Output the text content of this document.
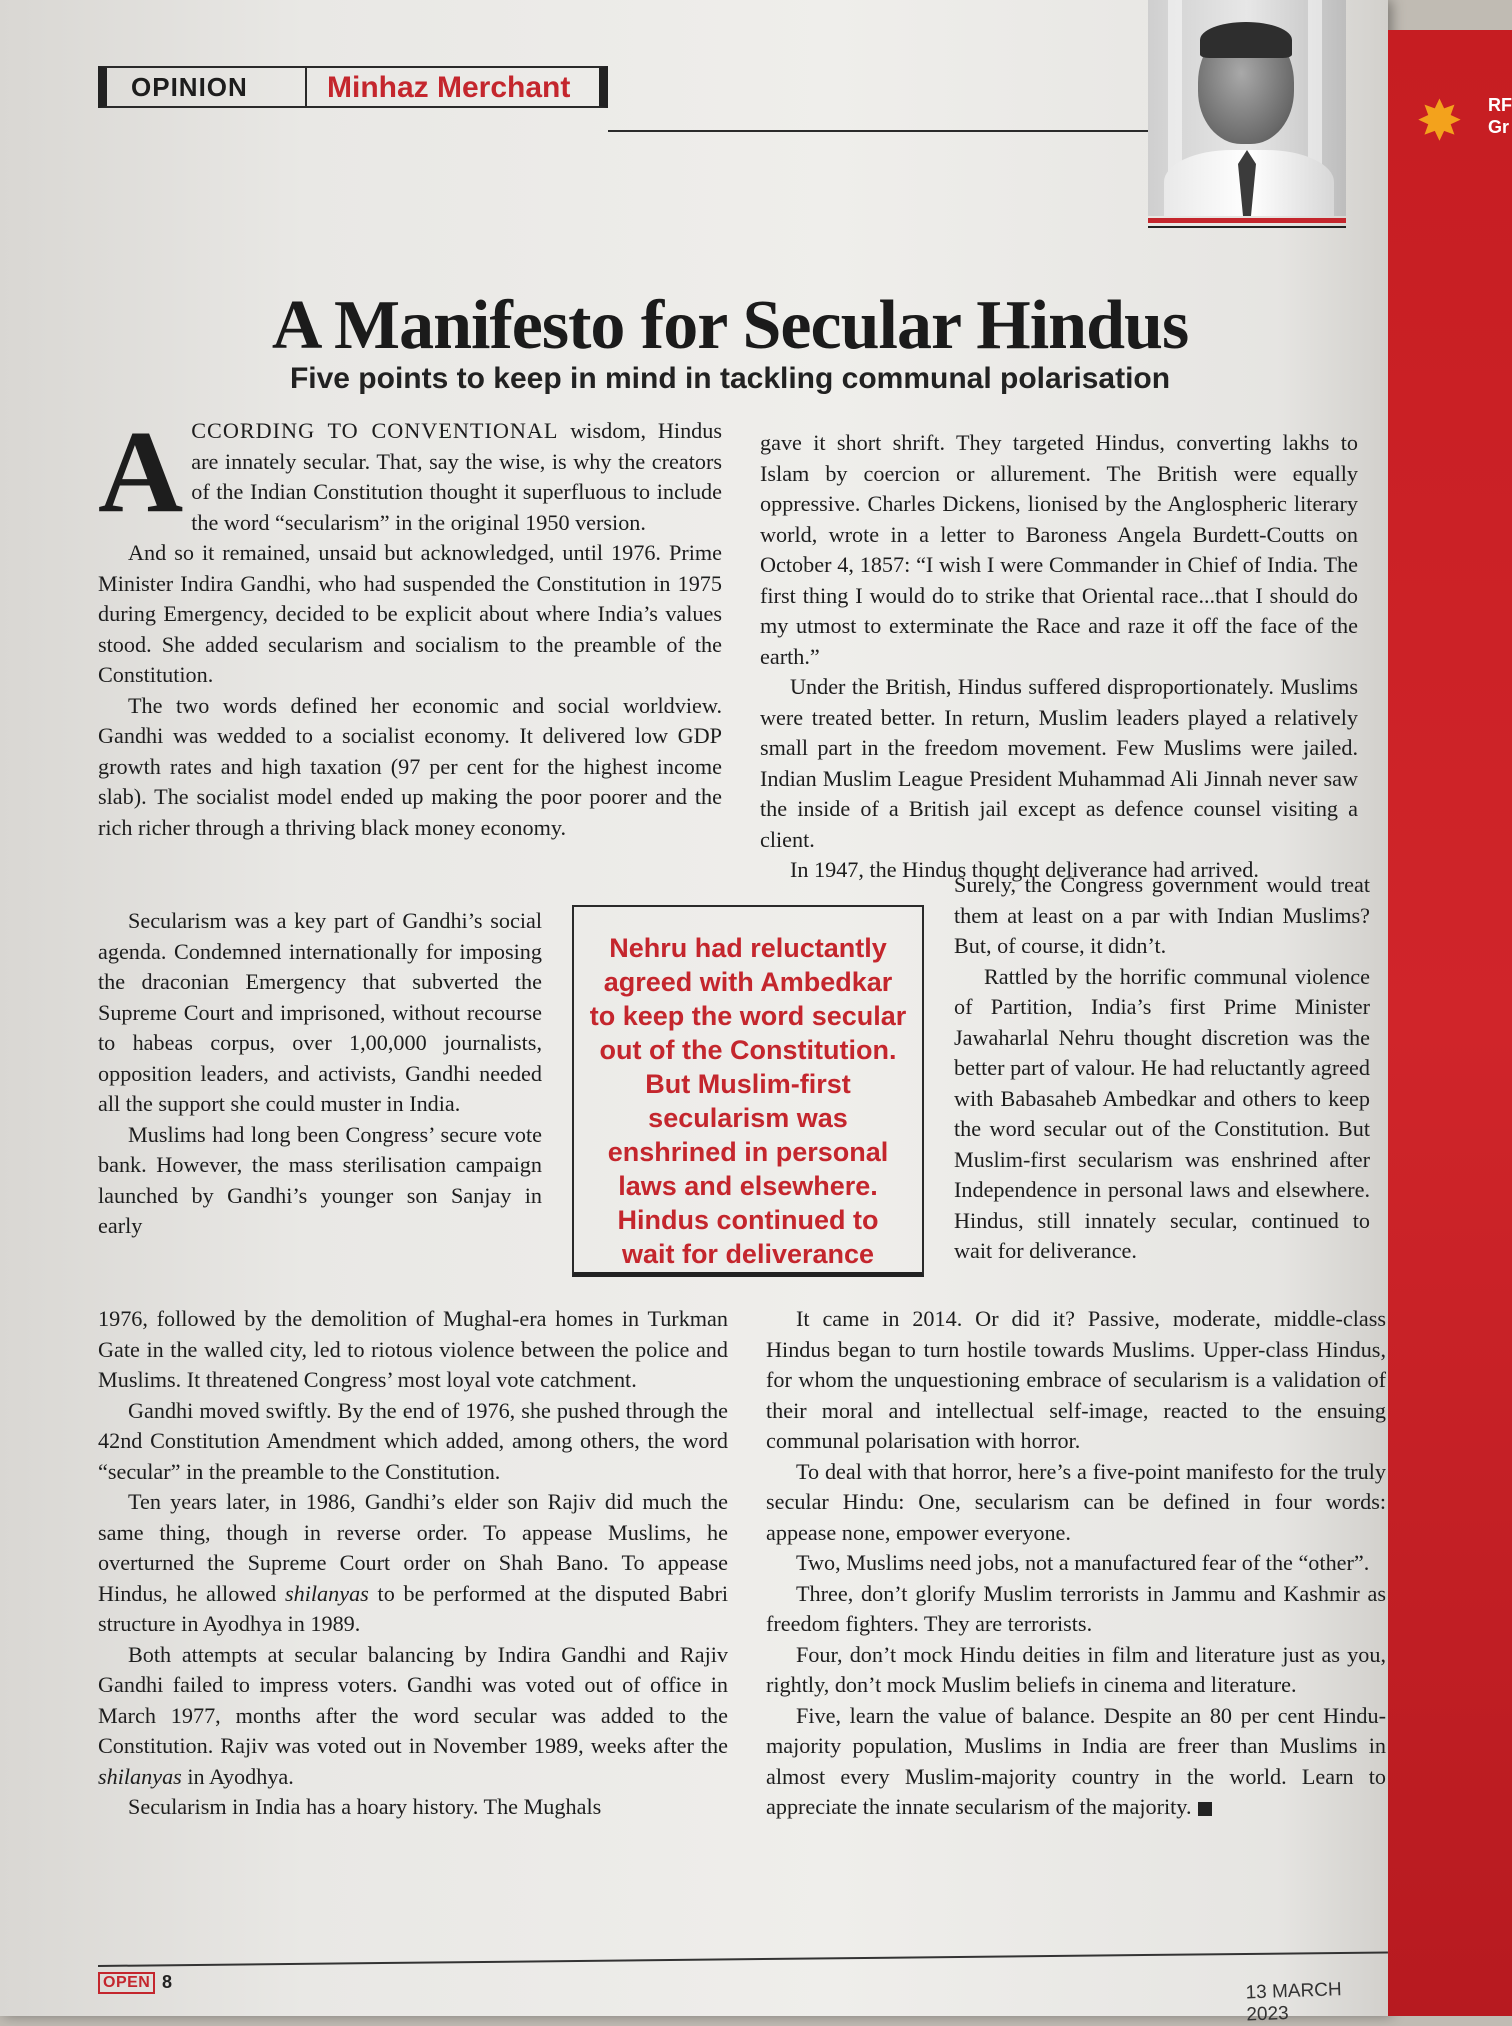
OPINION	Minhaz Merchant
A Manifesto for Secular Hindus
Five points to keep in mind in tackling communal polarisation

ACCORDING TO CONVENTIONAL wisdom, Hindus are innately secular. That, say the wise, is why the creators of the Indian Constitution thought it superfluous to include the word “secularism” in the original 1950 version.

And so it remained, unsaid but acknowledged, until 1976. Prime Minister Indira Gandhi, who had suspended the Constitution in 1975 during Emergency, decided to be explicit about where India’s values stood. She added secularism and socialism to the preamble of the Constitution.

The two words defined her economic and social worldview. Gandhi was wedded to a socialist economy. It delivered low GDP growth rates and high taxation (97 per cent for the highest income slab). The socialist model ended up making the poor poorer and the rich richer through a thriving black money economy.

Secularism was a key part of Gandhi’s social agenda. Condemned internationally for imposing the draconian Emergency that subverted the Supreme Court and imprisoned, without recourse to habeas corpus, over 1,00,000 journalists, opposition leaders, and activists, Gandhi needed all the support she could muster in India.

Muslims had long been Congress’ secure vote bank. However, the mass sterilisation campaign launched by Gandhi’s younger son Sanjay in early

1976, followed by the demolition of Mughal-era homes in Turkman Gate in the walled city, led to riotous violence between the police and Muslims. It threatened Congress’ most loyal vote catchment.

Gandhi moved swiftly. By the end of 1976, she pushed through the 42nd Constitution Amendment which added, among others, the word “secular” in the preamble to the Constitution.

Ten years later, in 1986, Gandhi’s elder son Rajiv did much the same thing, though in reverse order. To appease Muslims, he overturned the Supreme Court order on Shah Bano. To appease Hindus, he allowed shilanyas to be performed at the disputed Babri structure in Ayodhya in 1989.

Both attempts at secular balancing by Indira Gandhi and Rajiv Gandhi failed to impress voters. Gandhi was voted out of office in March 1977, months after the word secular was added to the Constitution. Rajiv was voted out in November 1989, weeks after the shilanyas in Ayodhya.

Secularism in India has a hoary history. The Mughals

gave it short shrift. They targeted Hindus, converting lakhs to Islam by coercion or allurement. The British were equally oppressive. Charles Dickens, lionised by the Anglospheric literary world, wrote in a letter to Baroness Angela Burdett-Coutts on October 4, 1857: “I wish I were Commander in Chief of India. The first thing I would do to strike that Oriental race...that I should do my utmost to exterminate the Race and raze it off the face of the earth.”

Under the British, Hindus suffered disproportionately. Muslims were treated better. In return, Muslim leaders played a relatively small part in the freedom movement. Few Muslims were jailed. Indian Muslim League President Muhammad Ali Jinnah never saw the inside of a British jail except as defence counsel visiting a client.

In 1947, the Hindus thought deliverance had arrived.

Surely, the Congress government would treat them at least on a par with Indian Muslims? But, of course, it didn’t.

Rattled by the horrific communal violence of Partition, India’s first Prime Minister Jawaharlal Nehru thought discretion was the better part of valour. He had reluctantly agreed with Babasaheb Ambedkar and others to keep the word secular out of the Constitution. But Muslim-first secularism was enshrined after Independence in personal laws and elsewhere. Hindus, still innately secular, continued to wait for deliverance.

It came in 2014. Or did it? Passive, moderate, middle-class Hindus began to turn hostile towards Muslims. Upper-class Hindus, for whom the unquestioning embrace of secularism is a validation of their moral and intellectual self-image, reacted to the ensuing communal polarisation with horror.

To deal with that horror, here’s a five-point manifesto for the truly secular Hindu: One, secularism can be defined in four words: appease none, empower everyone.

Two, Muslims need jobs, not a manufactured fear of the “other”.

Three, don’t glorify Muslim terrorists in Jammu and Kashmir as freedom fighters. They are terrorists.

Four, don’t mock Hindu deities in film and literature just as you, rightly, don’t mock Muslim beliefs in cinema and literature.

Five, learn the value of balance. Despite an 80 per cent Hindu-majority population, Muslims in India are freer than Muslims in almost every Muslim-majority country in the world. Learn to appreciate the innate secularism of the majority.

Nehru had reluctantly agreed with Ambedkar to keep the word secular out of the Constitution. But Muslim-first secularism was enshrined in personal laws and elsewhere. Hindus continued to wait for deliverance
OPEN 8	13 MARCH 2023
✸	RF Gr
